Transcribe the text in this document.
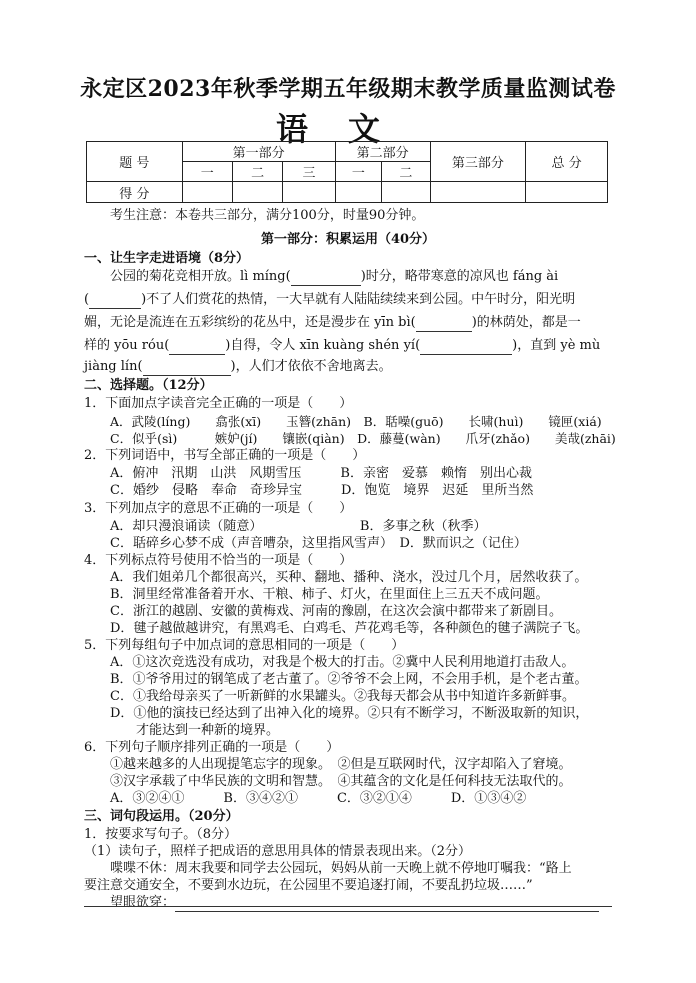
永定区2023年秋季学期五年级期末教学质量监测试卷
语文
题 号	第一部分			第二部分		第三部分	总 分
	一	二	三	一	二		
得 分							
考生注意：本卷共三部分，满分100分，时量90分钟。
第一部分：积累运用（40分）
一、让生字走进语境（8分）
公园的菊花竞相开放。lì míng(	)时分，略带寒意的凉风也 fáng ài
(	)不了人们赏花的热情，一大早就有人陆陆续续来到公园。中午时分，阳光明
媚，无论是流连在五彩缤纷的花丛中，还是漫步在 yīn bì(	)的林荫处，都是一
样的 yōu róu(	)自得，令人 xīn kuàng shén yí(	)，直到 yè mù
jiàng lín(	)，人们才依依不舍地离去。
二、选择题。（12分）
1．下面加点字读音完全正确的一项是（　　）
A．武陵(líng)　　翕张(xī)　　玉簪(zhān)　B．聒噪(guō)　　长啸(huì)　　镜匣(xiá)
C．似乎(sì)　　　嫉妒(jí)　　镶嵌(qiàn)　D．藤蔓(wàn)　　爪牙(zhǎo)　　美哉(zhāi)
2．下列词语中，书写全部正确的一项是（　　）
A．俯冲　汛期　山洪　风期雪压　　　B．亲密　爱慕　赖惰　别出心裁
C．婚纱　侵略　奉命　奇珍异宝　　　D．饱览　境界　迟延　里所当然
3．下列加点字的意思不正确的一项是（　　）
A．却只漫浪诵读（随意）　　　　　　　　B．多事之秋（秋季）
C．聒碎乡心梦不成（声音嘈杂，这里指风雪声）　D．默而识之（记住）
4．下列标点符号使用不恰当的一项是（　　）
A．我们姐弟几个都很高兴，买种、翻地、播种、浇水，没过几个月，居然收获了。
B．洞里经常准备着开水、干粮、柿子、灯火，在里面住上三五天不成问题。
C．浙江的越剧、安徽的黄梅戏、河南的豫剧，在这次会演中都带来了新剧目。
D．毽子越做越讲究，有黑鸡毛、白鸡毛、芦花鸡毛等，各种颜色的毽子满院子飞。
5．下列每组句子中加点词的意思相同的一项是（　　）
A．①这次竞选没有成功，对我是个极大的打击。②冀中人民利用地道打击敌人。
B．①爷爷用过的钢笔成了老古董了。②爷爷不会上网，不会用手机，是个老古董。
C．①我给母亲买了一听新鲜的水果罐头。②我每天都会从书中知道许多新鲜事。
D．①他的演技已经达到了出神入化的境界。②只有不断学习，不断汲取新的知识，
才能达到一种新的境界。
6．下列句子顺序排列正确的一项是（　　）
①越来越多的人出现提笔忘字的现象。　②但是互联网时代，汉字却陷入了窘境。
③汉字承载了中华民族的文明和智慧。　④其蕴含的文化是任何科技无法取代的。
A．③②④①　　　B．③④②①　　　C．③②①④　　　D．①③④②
三、词句段运用。（20分）
1．按要求写句子。（8分）
（1）读句子，照样子把成语的意思用具体的情景表现出来。（2分）
喋喋不休：周末我要和同学去公园玩，妈妈从前一天晚上就不停地叮嘱我：“路上
要注意交通安全，不要到水边玩，在公园里不要追逐打闹，不要乱扔垃圾……”
望眼欲穿：
